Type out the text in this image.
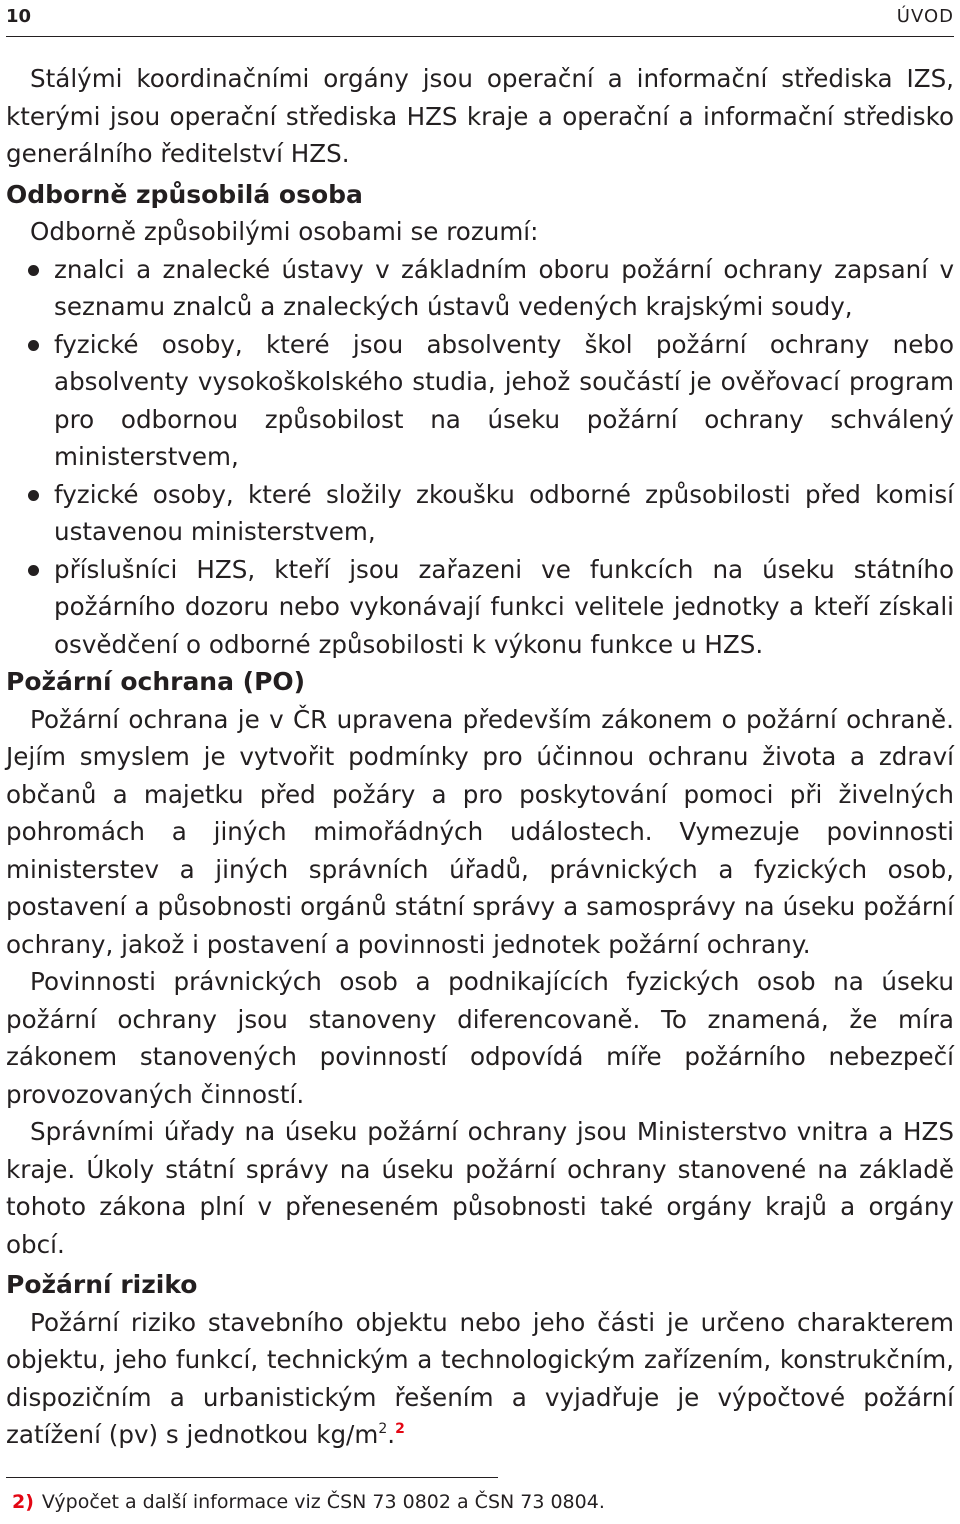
10	ÚVOD

Stálými koordinačními orgány jsou operační a informační střediska IZS, kterými jsou operační střediska HZS kraje a operační a informační středisko generálního ředitelství HZS.

Odborně způsobilá osoba

Odborně způsobilými osobami se rozumí:

znalci a znalecké ústavy v základním oboru požární ochrany zapsaní v seznamu znalců a znaleckých ústavů vedených krajskými soudy,
fyzické osoby, které jsou absolventy škol požární ochrany nebo absolventy vysokoškolského studia, jehož součástí je ověřovací program pro odbornou způsobilost na úseku požární ochrany schválený ministerstvem,
fyzické osoby, které složily zkoušku odborné způsobilosti před komisí ustavenou ministerstvem,
příslušníci HZS, kteří jsou zařazeni ve funkcích na úseku státního požárního dozoru nebo vykonávají funkci velitele jednotky a kteří získali osvědčení o odborné způsobilosti k výkonu funkce u HZS.
Požární ochrana (PO)

Požární ochrana je v ČR upravena především zákonem o požární ochraně. Jejím smyslem je vytvořit podmínky pro účinnou ochranu života a zdraví občanů a majetku před požáry a pro poskytování pomoci při živelných pohromách a jiných mimořádných událostech. Vymezuje povinnosti ministerstev a jiných správních úřadů, právnických a fyzických osob, postavení a působnosti orgánů státní správy a samosprávy na úseku požární ochrany, jakož i postavení a povinnosti jednotek požární ochrany.

Povinnosti právnických osob a podnikajících fyzických osob na úseku požární ochrany jsou stanoveny diferencovaně. To znamená, že míra zákonem stanovených povinností odpovídá míře požárního nebezpečí provozovaných činností.

Správními úřady na úseku požární ochrany jsou Ministerstvo vnitra a HZS kraje. Úkoly státní správy na úseku požární ochrany stanovené na základě tohoto zákona plní v přeneseném působnosti také orgány krajů a orgány obcí.

Požární riziko

Požární riziko stavebního objektu nebo jeho části je určeno charakterem objektu, jeho funkcí, technickým a technologickým zařízením, konstrukčním, dispozičním a urbanistickým řešením a vyjadřuje je výpočtové požární zatížení (pv) s jednotkou $kg/m^2.^2$

2) Výpočet a další informace viz ČSN 73 0802 a ČSN 73 0804.
